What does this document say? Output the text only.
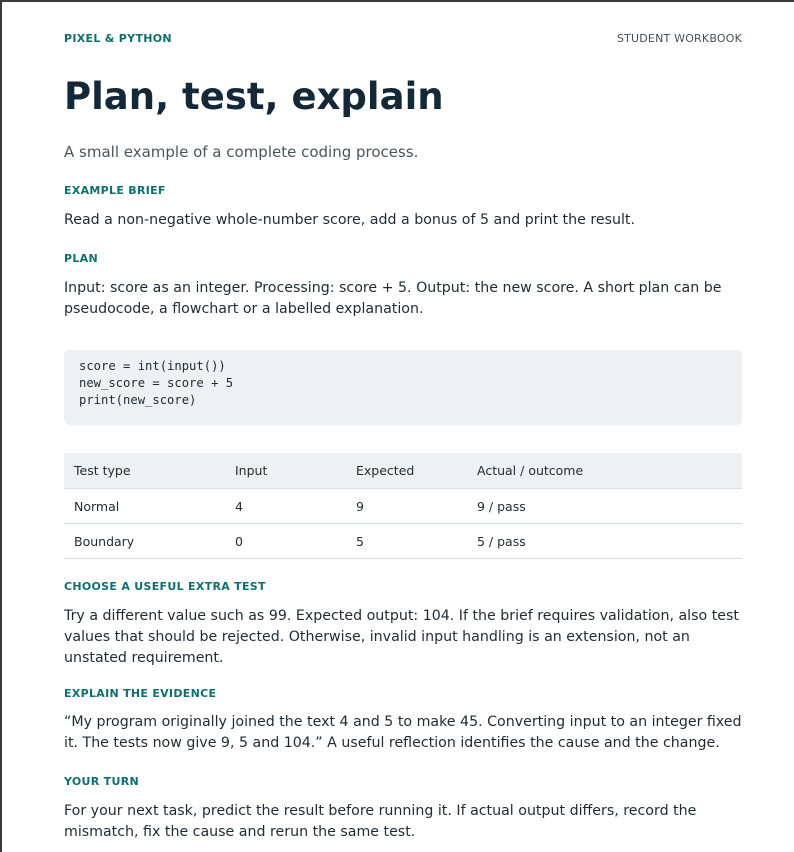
PIXEL & PYTHON	STUDENT WORKBOOK
Plan, test, explain

A small example of a complete coding process.

EXAMPLE BRIEF

Read a non-negative whole-number score, add a bonus of 5 and print the result.

PLAN

Input: score as an integer. Processing: score + 5. Output: the new score. A short plan can be pseudocode, a flowchart or a labelled explanation.

score = int(input())
new_score = score + 5
print(new_score)
Test type	Input	Expected	Actual / outcome
Normal	4	9	9 / pass
Boundary	0	5	5 / pass
CHOOSE A USEFUL EXTRA TEST

Try a different value such as 99. Expected output: 104. If the brief requires validation, also test values that should be rejected. Otherwise, invalid input handling is an extension, not an unstated requirement.

EXPLAIN THE EVIDENCE

“My program originally joined the text 4 and 5 to make 45. Converting input to an integer fixed it. The tests now give 9, 5 and 104.” A useful reflection identifies the cause and the change.

YOUR TURN

For your next task, predict the result before running it. If actual output differs, record the mismatch, fix the cause and rerun the same test.
